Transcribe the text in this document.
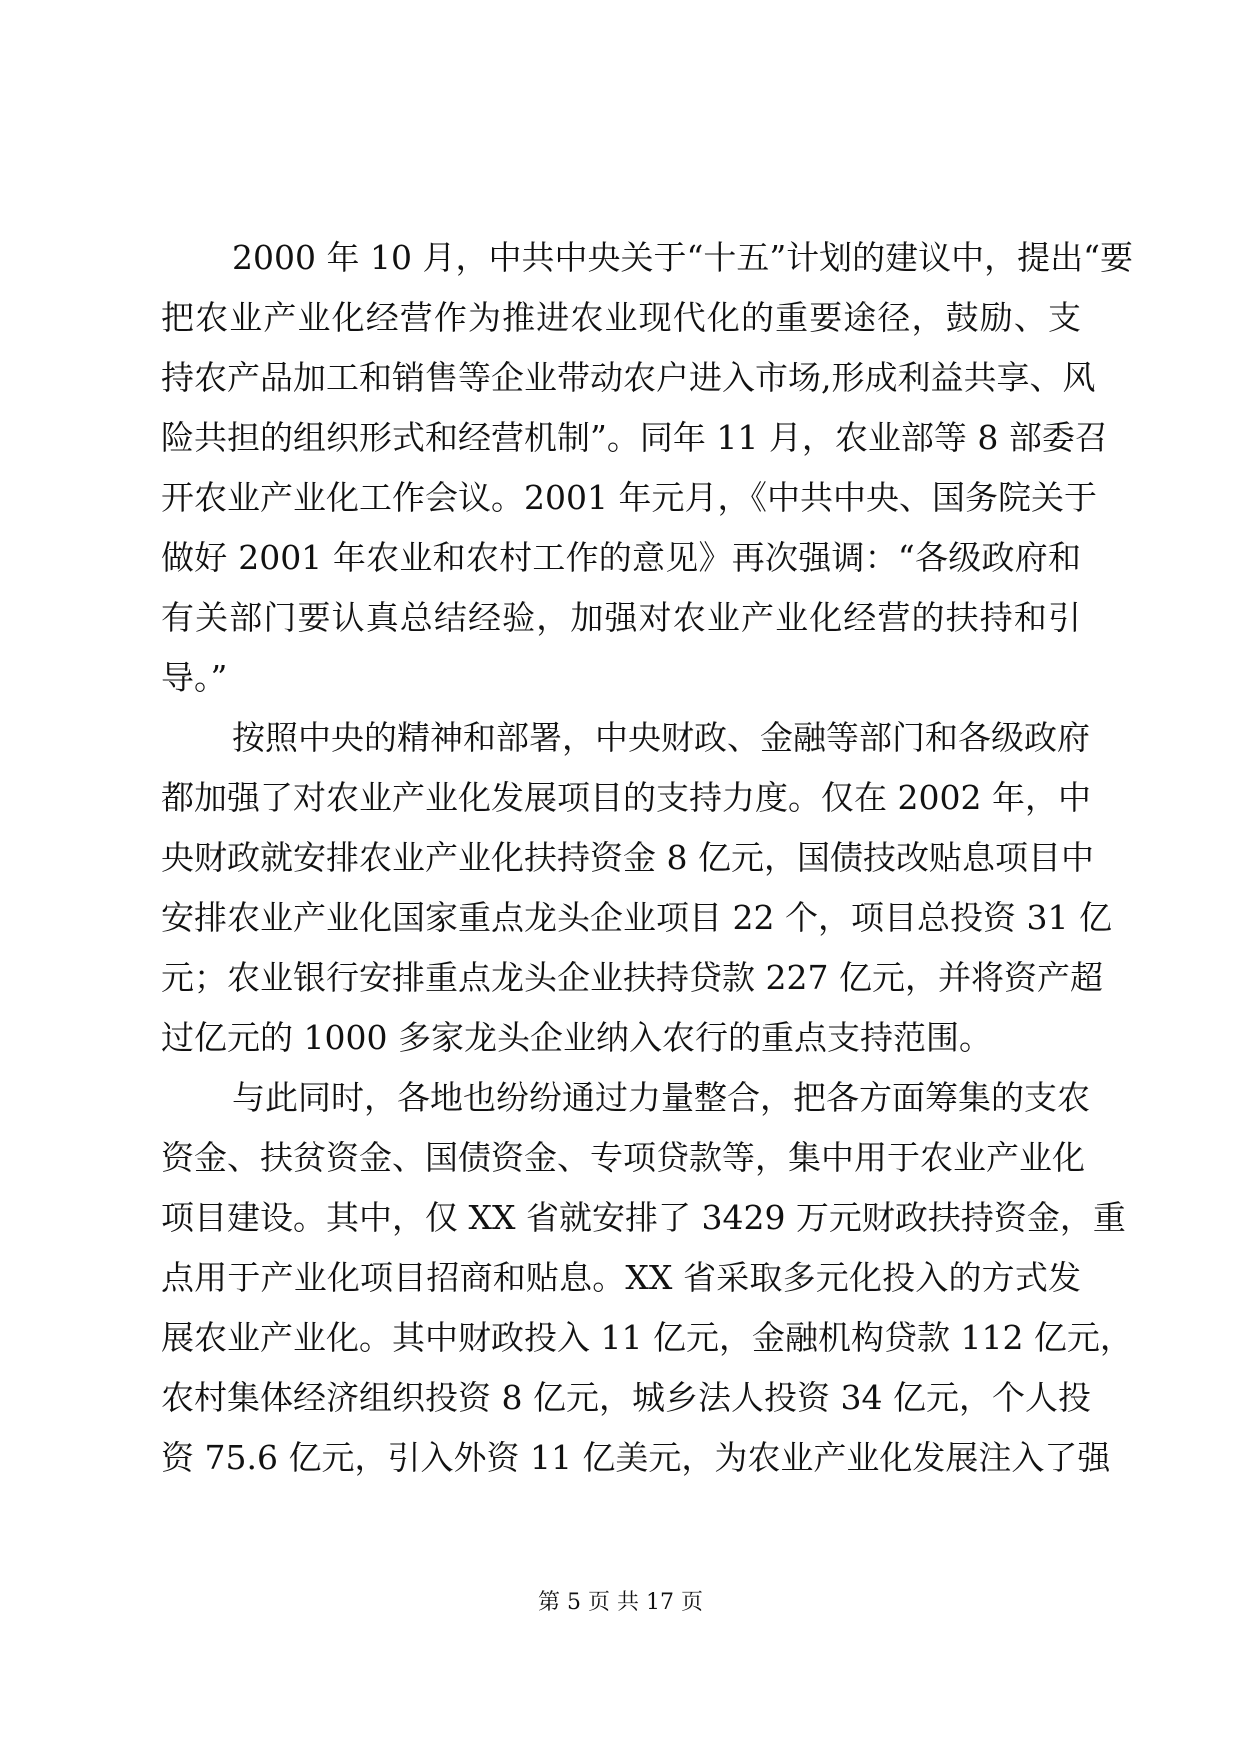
2000 年 10 月，中共中央关于“十五”计划的建议中，提出“要
把农业产业化经营作为推进农业现代化的重要途径，鼓励、支
持农产品加工和销售等企业带动农户进入市场,形成利益共享、风
险共担的组织形式和经营机制”。同年 11 月，农业部等 8 部委召
开农业产业化工作会议。2001 年元月，《中共中央、国务院关于
做好 2001 年农业和农村工作的意见》再次强调：“各级政府和
有关部门要认真总结经验，加强对农业产业化经营的扶持和引
导。”
按照中央的精神和部署，中央财政、金融等部门和各级政府
都加强了对农业产业化发展项目的支持力度。仅在 2002 年，中
央财政就安排农业产业化扶持资金 8 亿元，国债技改贴息项目中
安排农业产业化国家重点龙头企业项目 22 个，项目总投资 31 亿
元；农业银行安排重点龙头企业扶持贷款 227 亿元，并将资产超
过亿元的 1000 多家龙头企业纳入农行的重点支持范围。
与此同时，各地也纷纷通过力量整合，把各方面筹集的支农
资金、扶贫资金、国债资金、专项贷款等，集中用于农业产业化
项目建设。其中，仅 XX 省就安排了 3429 万元财政扶持资金，重
点用于产业化项目招商和贴息。XX 省采取多元化投入的方式发
展农业产业化。其中财政投入 11 亿元，金融机构贷款 112 亿元，
农村集体经济组织投资 8 亿元，城乡法人投资 34 亿元，个人投
资 75.6 亿元，引入外资 11 亿美元，为农业产业化发展注入了强
第 5 页 共 17 页
